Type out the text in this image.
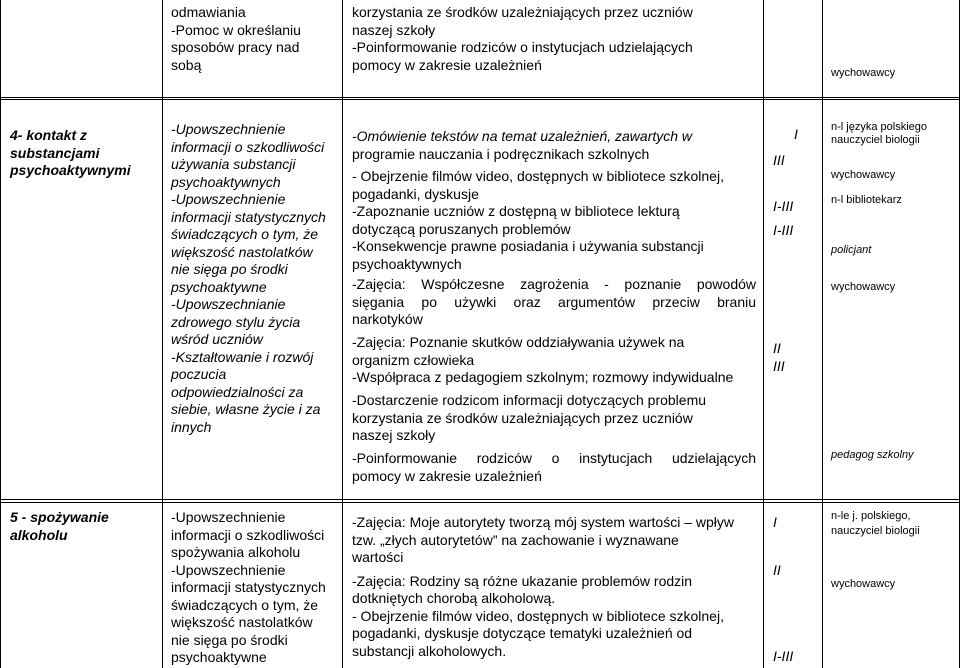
odmawiania
-Pomoc w określaniu
sposobów pracy nad
sobą
korzystania ze środków uzależniających przez uczniów
naszej szkoły
-Poinformowanie rodziców o instytucjach udzielających
pomocy w zakresie uzależnień
wychowawcy
4- kontakt z
substancjami
psychoaktywnymi
-Upowszechnienie
informacji o szkodliwości
używania substancji
psychoaktywnych
-Upowszechnienie
informacji statystycznych
świadczących o tym, że
większość nastolatków
nie sięga po środki
psychoaktywne
-Upowszechnianie
zdrowego stylu życia
wśród uczniów
-Kształtowanie i rozwój
poczucia
odpowiedzialności za
siebie, własne życie i za
innych
-Omówienie tekstów na temat uzależnień, zawartych w
programie nauczania i podręcznikach szkolnych
- Obejrzenie filmów video, dostępnych w bibliotece szkolnej,
pogadanki, dyskusje
-Zapoznanie uczniów z dostępną w bibliotece lekturą
dotyczącą poruszanych problemów
-Konsekwencje prawne posiadania i używania substancji
psychoaktywnych
-Zajęcia: Współczesne zagrożenia - poznanie powodów
sięgania po używki oraz argumentów przeciw braniu
narkotyków
-Zajęcia: Poznanie skutków oddziaływania używek na
organizm człowieka
-Współpraca z pedagogiem szkolnym; rozmowy indywidualne
-Dostarczenie rodzicom informacji dotyczących problemu
korzystania ze środków uzależniających przez uczniów
naszej szkoły
-Poinformowanie rodziców o instytucjach udzielających
pomocy w zakresie uzależnień
I
III
I-III
I-III
II
III
n-l języka polskiego
nauczyciel biologii
wychowawcy
n-l bibliotekarz
policjant
wychowawcy
pedagog szkolny
5 - spożywanie
alkoholu
-Upowszechnienie
informacji o szkodliwości
spożywania alkoholu
-Upowszechnienie
informacji statystycznych
świadczących o tym, że
większość nastolatków
nie sięga po środki
psychoaktywne
-Zajęcia: Moje autorytety tworzą mój system wartości – wpływ
tzw. „złych autorytetów” na zachowanie i wyznawane
wartości
-Zajęcia: Rodziny są różne ukazanie problemów rodzin
dotkniętych chorobą alkoholową.
- Obejrzenie filmów video, dostępnych w bibliotece szkolnej,
pogadanki, dyskusje dotyczące tematyki uzależnień od
substancji alkoholowych.
I
II
I-III
n-le j. polskiego,
nauczyciel biologii
wychowawcy
